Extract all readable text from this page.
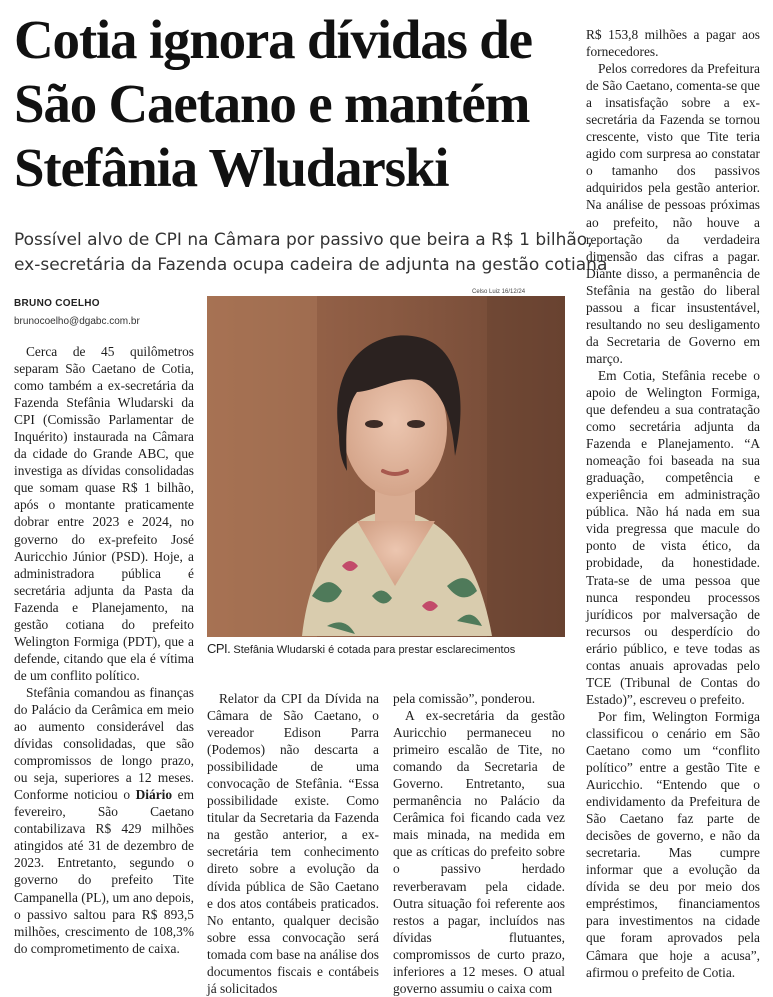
Cotia ignora dívidas de
São Caetano e mantém
Stefânia Wludarski
Possível alvo de CPI na Câmara por passivo que beira a R$ 1 bilhão,
ex-secretária da Fazenda ocupa cadeira de adjunta na gestão cotiana
BRUNO COELHO
brunocoelho@dgabc.com.br
Celso Luiz 16/12/24
CPI. Stefânia Wludarski é cotada para prestar esclarecimentos

Cerca de 45 quilômetros separam São Caetano de Cotia, como também a ex-secretária da Fazenda Stefânia Wludarski da CPI (Comissão Parlamentar de Inquérito) instaurada na Câmara da cidade do Grande ABC, que investiga as dívidas consolidadas que somam quase R$ 1 bilhão, após o montante praticamente dobrar entre 2023 e 2024, no governo do ex-prefeito José Auricchio Júnior (PSD). Hoje, a administradora pública é secretária adjunta da Pasta da Fazenda e Planejamento, na gestão cotiana do prefeito Welington Formiga (PDT), que a defende, citando que ela é vítima de um conflito político.

Stefânia comandou as finanças do Palácio da Cerâmica em meio ao aumento considerável das dívidas consolidadas, que são compromissos de longo prazo, ou seja, superiores a 12 meses. Conforme noticiou o Diário em fevereiro, São Caetano contabilizava R$ 429 milhões atingidos até 31 de dezembro de 2023. Entretanto, segundo o governo do prefeito Tite Campanella (PL), um ano depois, o passivo saltou para R$ 893,5 milhões, crescimento de 108,3% do comprometimento de caixa.

Relator da CPI da Dívida na Câmara de São Caetano, o vereador Edison Parra (Podemos) não descarta a possibilidade de uma convocação de Stefânia. “Essa possibilidade existe. Como titular da Secretaria da Fazenda na gestão anterior, a ex-secretária tem conhecimento direto sobre a evolução da dívida pública de São Caetano e dos atos contábeis praticados. No entanto, qualquer decisão sobre essa convocação será tomada com base na análise dos documentos fiscais e contábeis já solicitados

pela comissão”, ponderou.

A ex-secretária da gestão Auricchio permaneceu no primeiro escalão de Tite, no comando da Secretaria de Governo. Entretanto, sua permanência no Palácio da Cerâmica foi ficando cada vez mais minada, na medida em que as críticas do prefeito sobre o passivo herdado reverberavam pela cidade. Outra situação foi referente aos restos a pagar, incluídos nas dívidas flutuantes, compromissos de curto prazo, inferiores a 12 meses. O atual governo assumiu o caixa com

R$ 153,8 milhões a pagar aos fornecedores.

Pelos corredores da Prefeitura de São Caetano, comenta-se que a insatisfação sobre a ex-secretária da Fazenda se tornou crescente, visto que Tite teria agido com surpresa ao constatar o tamanho dos passivos adquiridos pela gestão anterior. Na análise de pessoas próximas ao prefeito, não houve a reportação da verdadeira dimensão das cifras a pagar. Diante disso, a permanência de Stefânia na gestão do liberal passou a ficar insustentável, resultando no seu desligamento da Secretaria de Governo em março.

Em Cotia, Stefânia recebe o apoio de Welington Formiga, que defendeu a sua contratação como secretária adjunta da Fazenda e Planejamento. “A nomeação foi baseada na sua graduação, competência e experiência em administração pública. Não há nada em sua vida pregressa que macule do ponto de vista ético, da probidade, da honestidade. Trata-se de uma pessoa que nunca respondeu processos jurídicos por malversação de recursos ou desperdício do erário público, e teve todas as contas anuais aprovadas pelo TCE (Tribunal de Contas do Estado)”, escreveu o prefeito.

Por fim, Welington Formiga classificou o cenário em São Caetano como um “conflito político” entre a gestão Tite e Auricchio. “Entendo que o endividamento da Prefeitura de São Caetano faz parte de decisões de governo, e não da secretaria. Mas cumpre informar que a evolução da dívida se deu por meio dos empréstimos, financiamentos para investimentos na cidade que foram aprovados pela Câmara que hoje a acusa”, afirmou o prefeito de Cotia.
